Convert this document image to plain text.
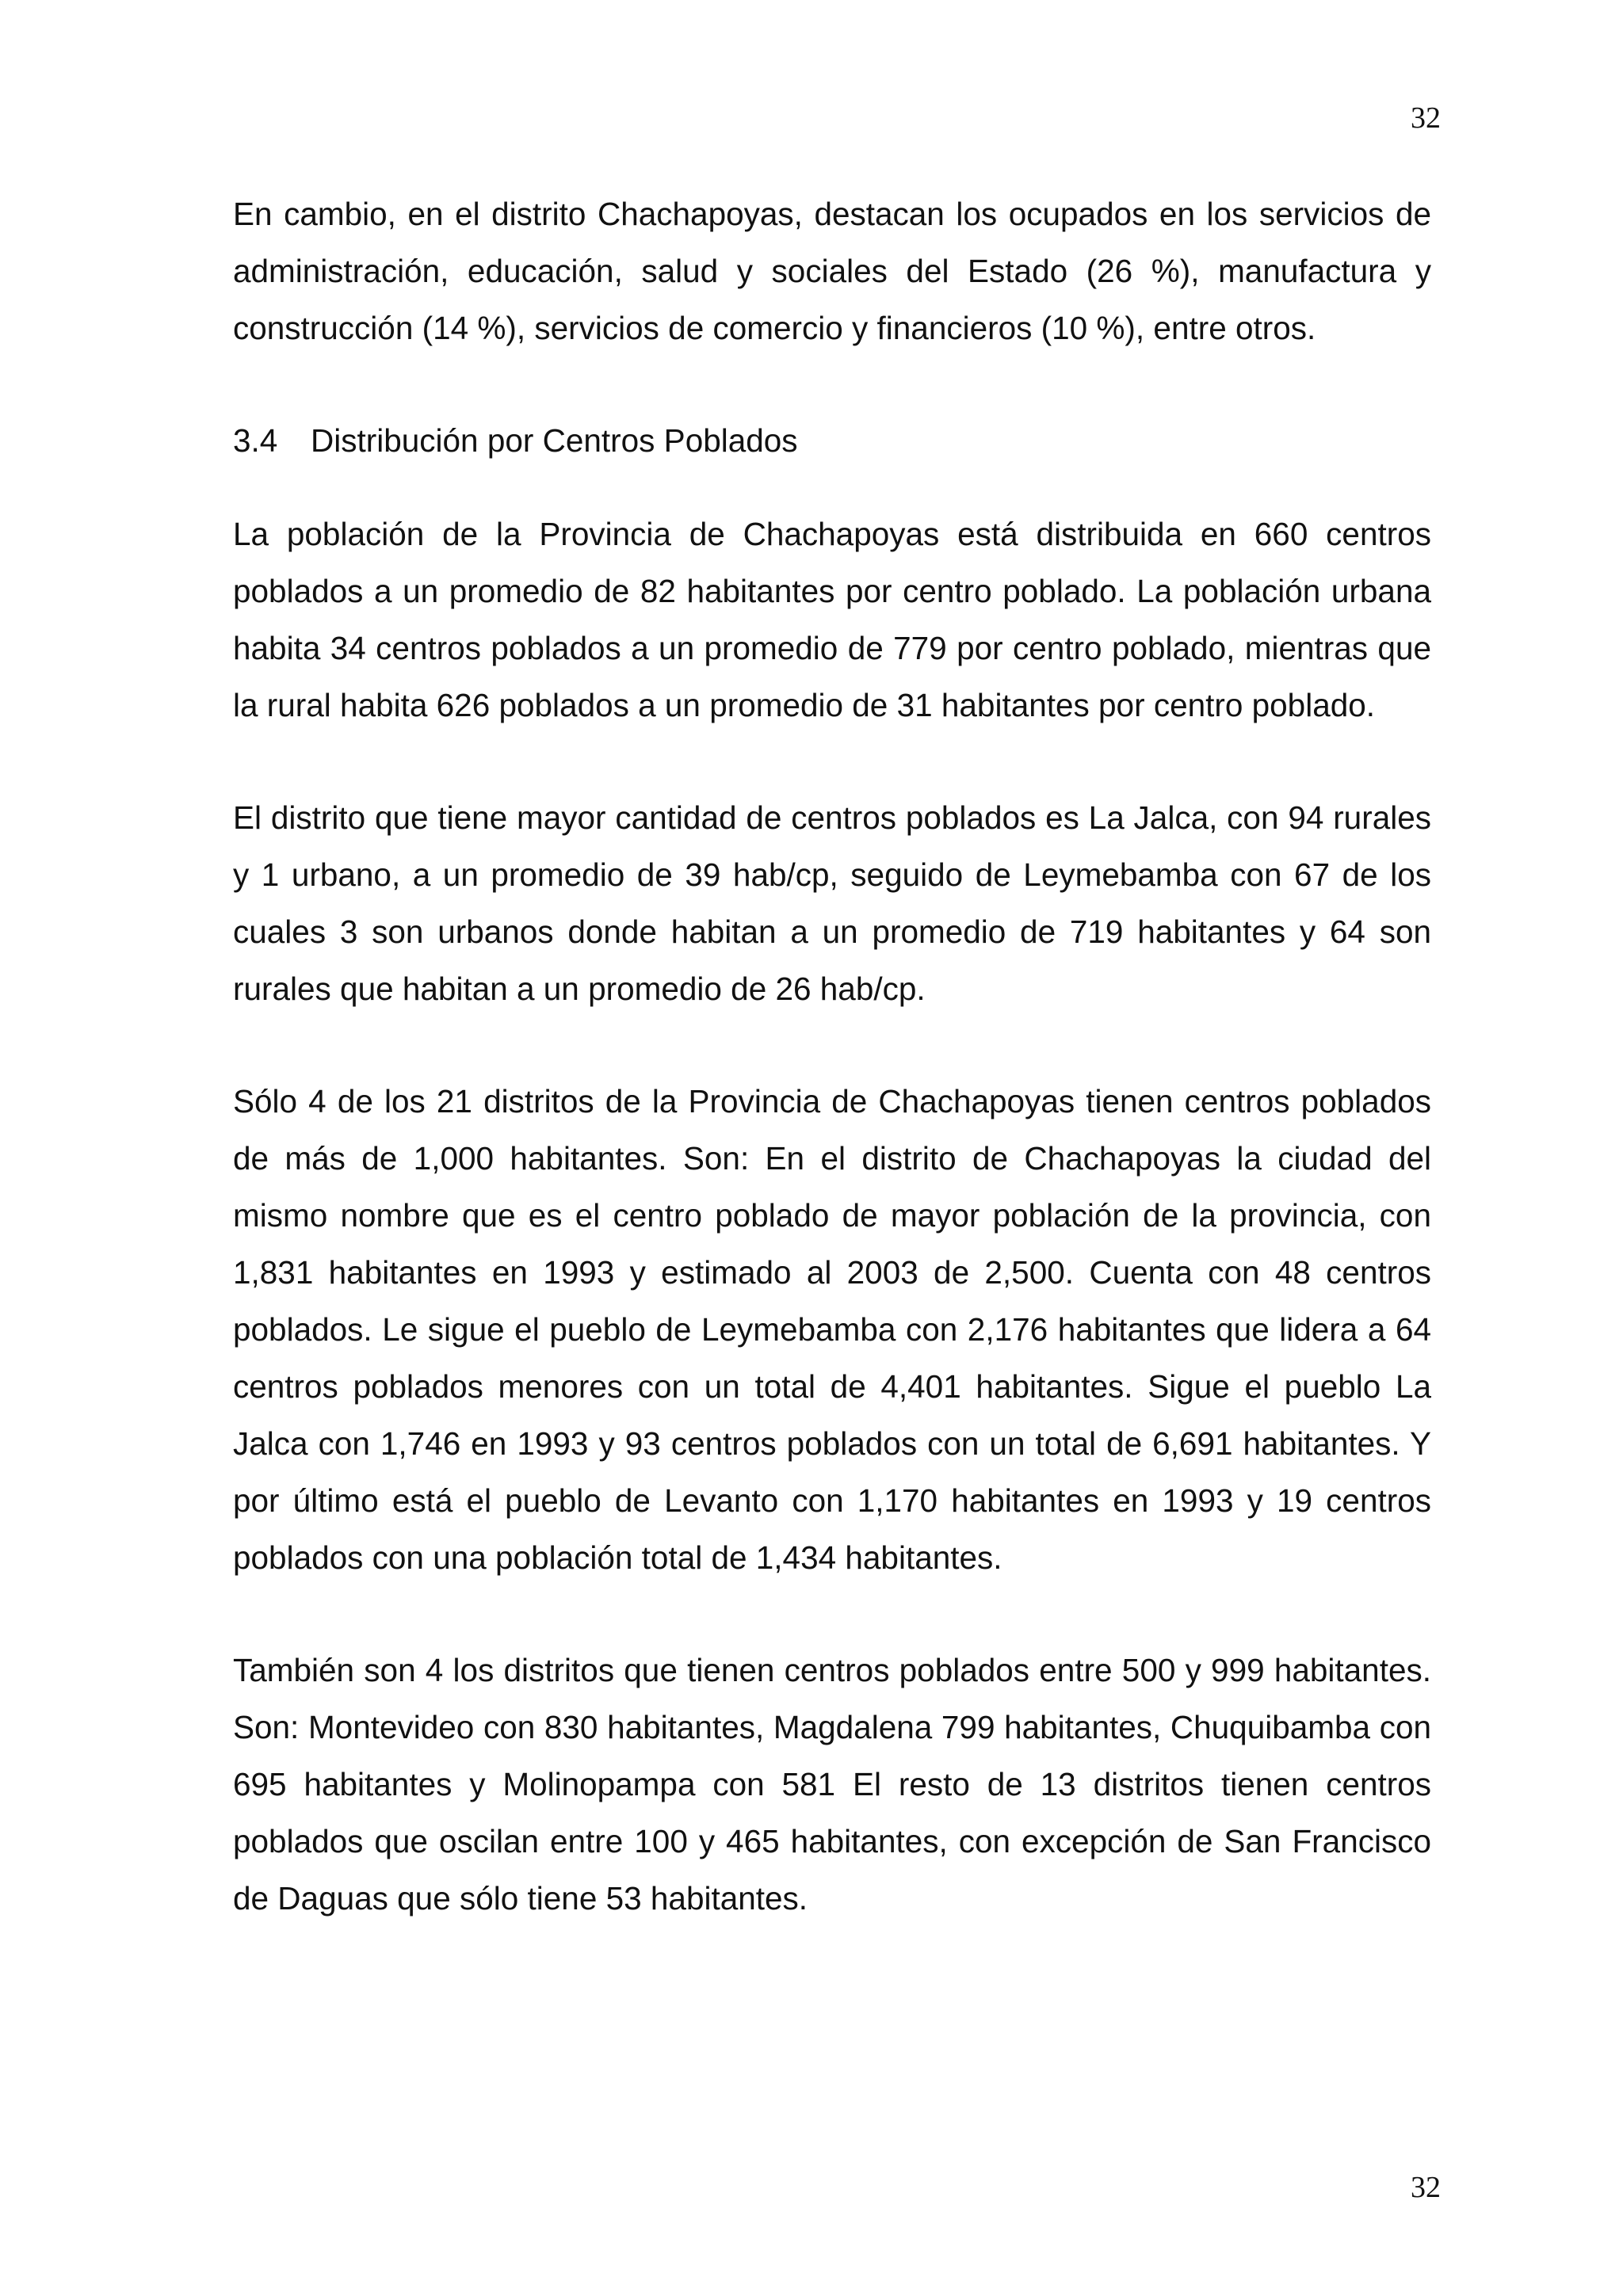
32

En cambio, en el distrito Chachapoyas, destacan los ocupados en los servicios de administración, educación, salud y sociales del Estado (26 %), manufactura y construcción (14 %), servicios de comercio y financieros (10 %), entre otros.

3.4 Distribución por Centros Poblados

La población de la Provincia de Chachapoyas está distribuida en 660 centros poblados a un promedio de 82 habitantes por centro poblado. La población urbana habita 34 centros poblados a un promedio de 779 por centro poblado, mientras que la rural habita 626 poblados a un promedio de 31 habitantes por centro poblado.

El distrito que tiene mayor cantidad de centros poblados es La Jalca, con 94 rurales y 1 urbano, a un promedio de 39 hab/cp, seguido de Leymebamba con 67 de los cuales 3 son urbanos donde habitan a un promedio de 719 habitantes y 64 son rurales que habitan a un promedio de 26 hab/cp.

Sólo 4 de los 21 distritos de la Provincia de Chachapoyas tienen centros poblados de más de 1,000 habitantes. Son: En el distrito de Chachapoyas la ciudad del mismo nombre que es el centro poblado de mayor población de la provincia, con 1,831 habitantes en 1993 y estimado al 2003 de 2,500. Cuenta con 48 centros poblados. Le sigue el pueblo de Leymebamba con 2,176 habitantes que lidera a 64 centros poblados menores con un total de 4,401 habitantes. Sigue el pueblo La Jalca con 1,746 en 1993 y 93 centros poblados con un total de 6,691 habitantes. Y por último está el pueblo de Levanto con 1,170 habitantes en 1993 y 19 centros poblados con una población total de 1,434 habitantes.

También son 4 los distritos que tienen centros poblados entre 500 y 999 habitantes. Son: Montevideo con 830 habitantes, Magdalena 799 habitantes, Chuquibamba con 695 habitantes y Molinopampa con 581 El resto de 13 distritos tienen centros poblados que oscilan entre 100 y 465 habitantes, con excepción de San Francisco de Daguas que sólo tiene 53 habitantes.

32
